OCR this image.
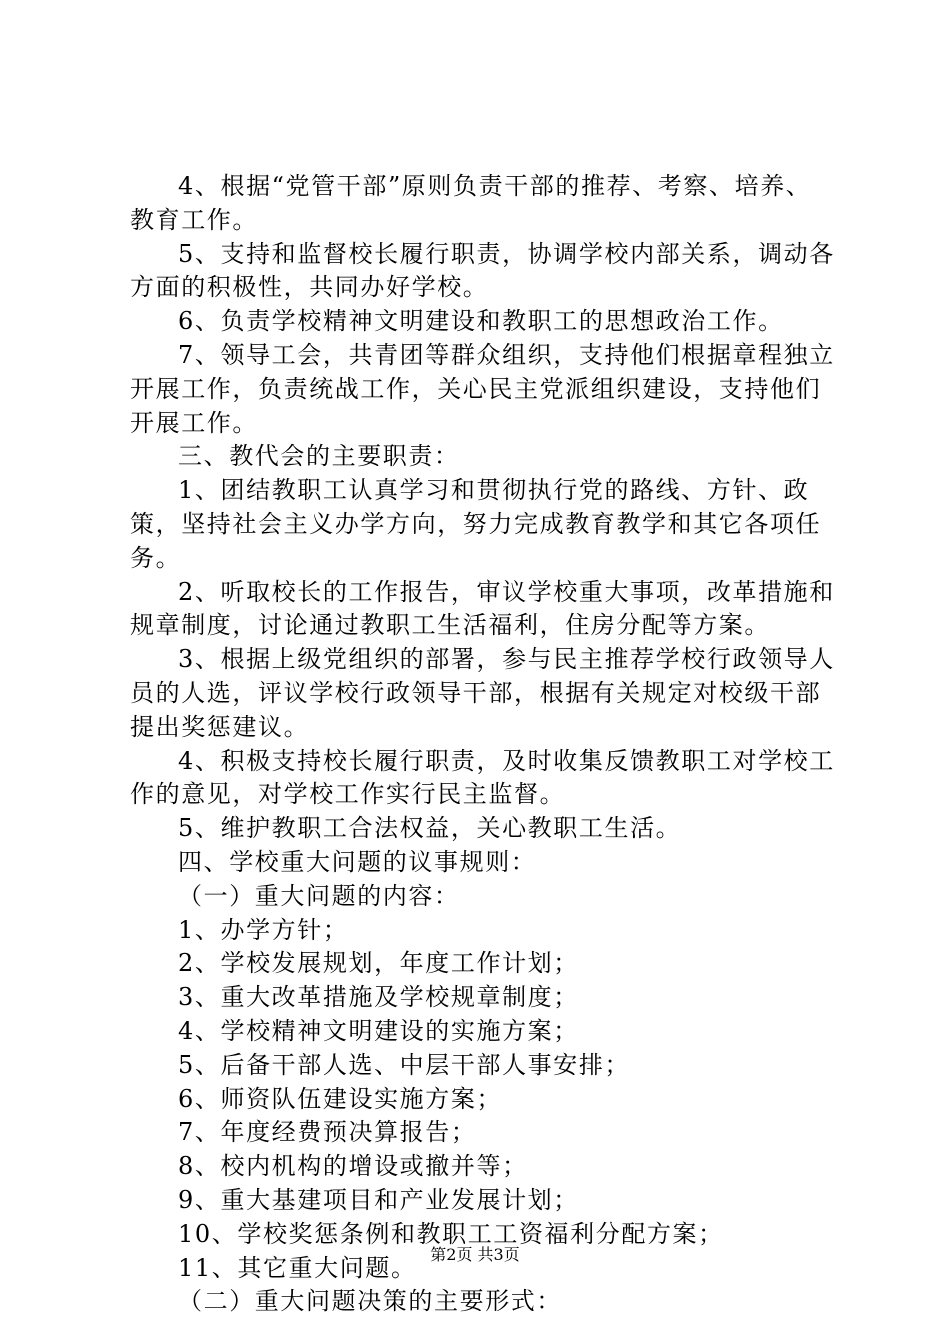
4、根据“党管干部”原则负责干部的推荐、考察、培养、教育工作。

5、支持和监督校长履行职责，协调学校内部关系，调动各方面的积极性，共同办好学校。

6、负责学校精神文明建设和教职工的思想政治工作。

7、领导工会，共青团等群众组织，支持他们根据章程独立开展工作，负责统战工作，关心民主党派组织建设，支持他们开展工作。

三、教代会的主要职责：

1、团结教职工认真学习和贯彻执行党的路线、方针、政策，坚持社会主义办学方向，努力完成教育教学和其它各项任务。

2、听取校长的工作报告，审议学校重大事项，改革措施和规章制度，讨论通过教职工生活福利，住房分配等方案。

3、根据上级党组织的部署，参与民主推荐学校行政领导人员的人选，评议学校行政领导干部，根据有关规定对校级干部提出奖惩建议。

4、积极支持校长履行职责，及时收集反馈教职工对学校工作的意见，对学校工作实行民主监督。

5、维护教职工合法权益，关心教职工生活。

四、学校重大问题的议事规则：

（一）重大问题的内容：

1、办学方针；

2、学校发展规划，年度工作计划；

3、重大改革措施及学校规章制度；

4、学校精神文明建设的实施方案；

5、后备干部人选、中层干部人事安排；

6、师资队伍建设实施方案；

7、年度经费预决算报告；

8、校内机构的增设或撤并等；

9、重大基建项目和产业发展计划；

10、学校奖惩条例和教职工工资福利分配方案；

11、其它重大问题。

（二）重大问题决策的主要形式：

第2页 共3页
